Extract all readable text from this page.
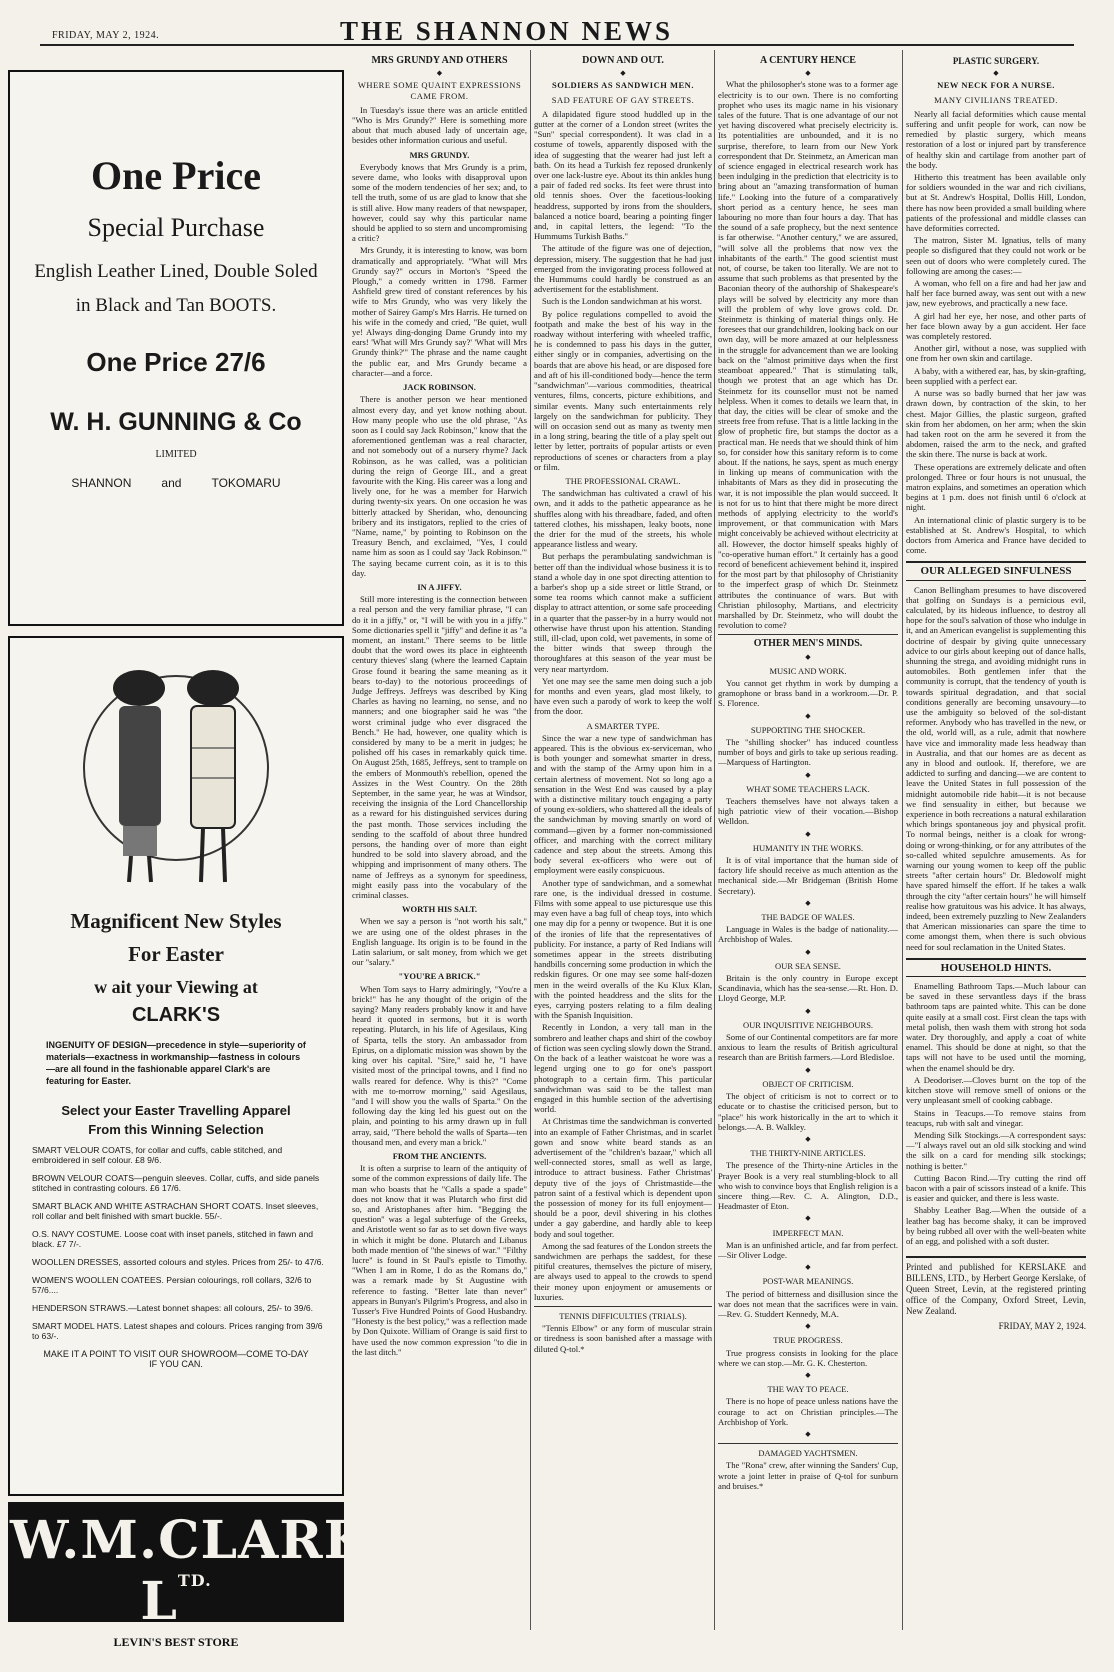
FRIDAY, MAY 2, 1924.	THE SHANNON NEWS
One Price
Special Purchase
English Leather Lined, Double Soled
in Black and Tan BOOTS.
One Price 27/6
W. H. GUNNING & Co
LIMITED
SHANNON	and	TOKOMARU
Magnificent New Styles
For Easter
w ait your Viewing at
CLARK'S
INGENUITY OF DESIGN—precedence in style—superiority of materials—exactness in workmanship—fastness in colours—are all found in the fashionable apparel Clark's are featuring for Easter.
Select your Easter Travelling Apparel
From this Winning Selection
SMART VELOUR COATS, for collar and cuffs, cable stitched, and embroidered in self colour. £8 9/6.
BROWN VELOUR COATS—penguin sleeves. Collar, cuffs, and side panels stitched in contrasting colours. £6 17/6.
SMART BLACK AND WHITE ASTRACHAN SHORT COATS. Inset sleeves, roll collar and belt finished with smart buckle. 55/-.
O.S. NAVY COSTUME. Loose coat with inset panels, stitched in fawn and black. £7 7/-.
WOOLLEN DRESSES, assorted colours and styles. Prices from 25/- to 47/6.
WOMEN'S WOOLLEN COATEES. Persian colourings, roll collars, 32/6 to 57/6....
HENDERSON STRAWS.—Latest bonnet shapes: all colours, 25/- to 39/6.
SMART MODEL HATS. Latest shapes and colours. Prices ranging from 39/6 to 63/-.
MAKE IT A POINT TO VISIT OUR SHOWROOM—COME TO-DAY IF YOU CAN.
W.M.CLARK $L^{TD.}$
LEVIN'S BEST STORE
ESTD 30 YEARS
MRS GRUNDY AND OTHERS
◆
WHERE SOME QUAINT EXPRESSIONS CAME FROM.

In Tuesday's issue there was an article entitled "Who is Mrs Grundy?" Here is something more about that much abused lady of uncertain age, besides other information curious and useful.

MRS GRUNDY.

Everybody knows that Mrs Grundy is a prim, severe dame, who looks with disapproval upon some of the modern tendencies of her sex; and, to tell the truth, some of us are glad to know that she is still alive. How many readers of that newspaper, however, could say why this particular name should be applied to so stern and uncompromising a critic?

Mrs Grundy, it is interesting to know, was born dramatically and appropriately. "What will Mrs Grundy say?" occurs in Morton's "Speed the Plough," a comedy written in 1798. Farmer Ashfield grew tired of constant references by his wife to Mrs Grundy, who was very likely the mother of Sairey Gamp's Mrs Harris. He turned on his wife in the comedy and cried, "Be quiet, wull ye! Always ding-donging Dame Grundy into my ears! 'What will Mrs Grundy say?' 'What will Mrs Grundy think?'" The phrase and the name caught the public ear, and Mrs Grundy became a character—and a force.

JACK ROBINSON.

There is another person we hear mentioned almost every day, and yet know nothing about. How many people who use the old phrase, "As soon as I could say Jack Robinson," know that the aforementioned gentleman was a real character, and not somebody out of a nursery rhyme? Jack Robinson, as he was called, was a politician during the reign of George III., and a great favourite with the King. His career was a long and lively one, for he was a member for Harwich during twenty-six years. On one occasion he was bitterly attacked by Sheridan, who, denouncing bribery and its instigators, replied to the cries of "Name, name," by pointing to Robinson on the Treasury Bench, and exclaimed, "Yes, I could name him as soon as I could say 'Jack Robinson.'" The saying became current coin, as it is to this day.

IN A JIFFY.

Still more interesting is the connection between a real person and the very familiar phrase, "I can do it in a jiffy," or, "I will be with you in a jiffy." Some dictionaries spell it "jiffy" and define it as "a moment, an instant." There seems to be little doubt that the word owes its place in eighteenth century thieves' slang (where the learned Captain Grose found it bearing the same meaning as it bears to-day) to the notorious proceedings of Judge Jeffreys. Jeffreys was described by King Charles as having no learning, no sense, and no manners; and one biographer said he was "the worst criminal judge who ever disgraced the Bench." He had, however, one quality which is considered by many to be a merit in judges; he polished off his cases in remarkably quick time. On August 25th, 1685, Jeffreys, sent to trample on the embers of Monmouth's rebellion, opened the Assizes in the West Country. On the 28th September, in the same year, he was at Windsor, receiving the insignia of the Lord Chancellorship as a reward for his distinguished services during the past month. Those services including the sending to the scaffold of about three hundred persons, the handing over of more than eight hundred to be sold into slavery abroad, and the whipping and imprisonment of many others. The name of Jeffreys as a synonym for speediness, might easily pass into the vocabulary of the criminal classes.

WORTH HIS SALT.

When we say a person is "not worth his salt," we are using one of the oldest phrases in the English language. Its origin is to be found in the Latin salarium, or salt money, from which we get our "salary."

"YOU'RE A BRICK."

When Tom says to Harry admiringly, "You're a brick!" has he any thought of the origin of the saying? Many readers probably know it and have heard it quoted in sermons, but it is worth repeating. Plutarch, in his life of Agesilaus, King of Sparta, tells the story. An ambassador from Epirus, on a diplomatic mission was shown by the king over his capital. "Sire," said he, "I have visited most of the principal towns, and I find no walls reared for defence. Why is this?" "Come with me to-morrow morning," said Agesilaus, "and I will show you the walls of Sparta." On the following day the king led his guest out on the plain, and pointing to his army drawn up in full array, said, "There behold the walls of Sparta—ten thousand men, and every man a brick."

FROM THE ANCIENTS.

It is often a surprise to learn of the antiquity of some of the common expressions of daily life. The man who boasts that he "Calls a spade a spade" does not know that it was Plutarch who first did so, and Aristophanes after him. "Begging the question" was a legal subterfuge of the Greeks, and Aristotle went so far as to set down five ways in which it might be done. Plutarch and Libanus both made mention of "the sinews of war." "Filthy lucre" is found in St Paul's epistle to Timothy. "When I am in Rome, I do as the Romans do," was a remark made by St Augustine with reference to fasting. "Better late than never" appears in Bunyan's Pilgrim's Progress, and also in Tusser's Five Hundred Points of Good Husbandry. "Honesty is the best policy," was a reflection made by Don Quixote. William of Orange is said first to have used the now common expression "to die in the last ditch."

DOWN AND OUT.
◆
SOLDIERS AS SANDWICH MEN.
SAD FEATURE OF GAY STREETS.

A dilapidated figure stood huddled up in the gutter at the corner of a London street (writes the "Sun" special correspondent). It was clad in a costume of towels, apparently disposed with the idea of suggesting that the wearer had just left a bath. On its head a Turkish fez reposed drunkenly over one lack-lustre eye. About its thin ankles hung a pair of faded red socks. Its feet were thrust into old tennis shoes. Over the facetious-looking headdress, supported by irons from the shoulders, balanced a notice board, bearing a pointing finger and, in capital letters, the legend: "To the Hummums Turkish Baths."

The attitude of the figure was one of dejection, depression, misery. The suggestion that he had just emerged from the invigorating process followed at the Hummums could hardly be construed as an advertisement for the establishment.

Such is the London sandwichman at his worst.

By police regulations compelled to avoid the footpath and make the best of his way in the roadway without interfering with wheeled traffic, he is condemned to pass his days in the gutter, either singly or in companies, advertising on the boards that are above his head, or are disposed fore and aft of his ill-conditioned body—hence the term "sandwichman"—various commodities, theatrical ventures, films, concerts, picture exhibitions, and similar events. Many such entertainments rely largely on the sandwichman for publicity. They will on occasion send out as many as twenty men in a long string, bearing the title of a play spelt out letter by letter, portraits of popular artists or even reproductions of scenes or characters from a play or film.

THE PROFESSIONAL CRAWL.

The sandwichman has cultivated a crawl of his own, and it adds to the pathetic appearance as he shuffles along with his threadbare, faded, and often tattered clothes, his misshapen, leaky boots, none the drier for the mud of the streets, his whole appearance listless and weary.

But perhaps the perambulating sandwichman is better off than the individual whose business it is to stand a whole day in one spot directing attention to a barber's shop up a side street or little Strand, or some tea rooms which cannot make a sufficient display to attract attention, or some safe proceeding in a quarter that the passer-by in a hurry would not otherwise have thrust upon his attention. Standing still, ill-clad, upon cold, wet pavements, in some of the bitter winds that sweep through the thoroughfares at this season of the year must be very near martyrdom.

Yet one may see the same men doing such a job for months and even years, glad most likely, to have even such a parody of work to keep the wolf from the door.

A SMARTER TYPE.

Since the war a new type of sandwichman has appeared. This is the obvious ex-serviceman, who is both younger and somewhat smarter in dress, and with the stamp of the Army upon him in a certain alertness of movement. Not so long ago a sensation in the West End was caused by a play with a distinctive military touch engaging a party of young ex-soldiers, who shattered all the ideals of the sandwichman by moving smartly on word of command—given by a former non-commissioned officer, and marching with the correct military cadence and step about the streets. Among this body several ex-officers who were out of employment were easily conspicuous.

Another type of sandwichman, and a somewhat rare one, is the individual dressed in costume. Films with some appeal to use picturesque use this may even have a bag full of cheap toys, into which one may dip for a penny or twopence. But it is one of the ironies of life that the representatives of publicity. For instance, a party of Red Indians will sometimes appear in the streets distributing handbills concerning some production in which the redskin figures. Or one may see some half-dozen men in the weird overalls of the Ku Klux Klan, with the pointed headdress and the slits for the eyes, carrying posters relating to a film dealing with the Spanish Inquisition.

Recently in London, a very tall man in the sombrero and leather chaps and shirt of the cowboy of fiction was seen cycling slowly down the Strand. On the back of a leather waistcoat he wore was a legend urging one to go for one's passport photograph to a certain firm. This particular sandwichman was said to be the tallest man engaged in this humble section of the advertising world.

At Christmas time the sandwichman is converted into an example of Father Christmas, and in scarlet gown and snow white beard stands as an advertisement of the "children's bazaar," which all well-connected stores, small as well as large, introduce to attract business. Father Christmas' deputy tive of the joys of Christmastide—the patron saint of a festival which is dependent upon the possession of money for its full enjoyment—should be a poor, devil shivering in his clothes under a gay gaberdine, and hardly able to keep body and soul together.

Among the sad features of the London streets the sandwichmen are perhaps the saddest, for these pitiful creatures, themselves the picture of misery, are always used to appeal to the crowds to spend their money upon enjoyment or amusements or luxuries.

TENNIS DIFFICULTIES (TRIALS).

"Tennis Elbow" or any form of muscular strain or tiredness is soon banished after a massage with diluted Q-tol.*

A CENTURY HENCE
◆

What the philosopher's stone was to a former age electricity is to our own. There is no comforting prophet who uses its magic name in his visionary tales of the future. That is one advantage of our not yet having discovered what precisely electricity is. Its potentialities are unbounded, and it is no surprise, therefore, to learn from our New York correspondent that Dr. Steinmetz, an American man of science engaged in electrical research work has been indulging in the prediction that electricity is to bring about an "amazing transformation of human life." Looking into the future of a comparatively short period as a century hence, he sees man labouring no more than four hours a day. That has the sound of a safe prophecy, but the next sentence is far otherwise. "Another century," we are assured, "will solve all the problems that now vex the inhabitants of the earth." The good scientist must not, of course, be taken too literally. We are not to assume that such problems as that presented by the Baconian theory of the authorship of Shakespeare's plays will be solved by electricity any more than will the problem of why love grows cold. Dr. Steinmetz is thinking of material things only. He foresees that our grandchildren, looking back on our own day, will be more amazed at our helplessness in the struggle for advancement than we are looking back on the "almost primitive days when the first steamboat appeared." That is stimulating talk, though we protest that an age which has Dr. Steinmetz for its counsellor must not be named helpless. When it comes to details we learn that, in that day, the cities will be clear of smoke and the streets free from refuse. That is a little lacking in the glow of prophetic fire, but stamps the doctor as a practical man. He needs that we should think of him so, for consider how this sanitary reform is to come about. If the nations, he says, spent as much energy in linking up means of communication with the inhabitants of Mars as they did in prosecuting the war, it is not impossible the plan would succeed. It is not for us to hint that there might be more direct methods of applying electricity to the world's improvement, or that communication with Mars might conceivably be achieved without electricity at all. However, the doctor himself speaks highly of "co-operative human effort." It certainly has a good record of beneficent achievement behind it, inspired for the most part by that philosophy of Christianity to the imperfect grasp of which Dr. Steinmetz attributes the continuance of wars. But with Christian philosophy, Martians, and electricity marshalled by Dr. Steinmetz, who will doubt the revolution to come?

OTHER MEN'S MINDS.
◆
MUSIC AND WORK.

You cannot get rhythm in work by dumping a gramophone or brass band in a workroom.—Dr. P. S. Florence.

◆
SUPPORTING THE SHOCKER.

The "shilling shocker" has induced countless number of boys and girls to take up serious reading.—Marquess of Hartington.

◆
WHAT SOME TEACHERS LACK.

Teachers themselves have not always taken a high patriotic view of their vocation.—Bishop Welldon.

◆
HUMANITY IN THE WORKS.

It is of vital importance that the human side of factory life should receive as much attention as the mechanical side.—Mr Bridgeman (British Home Secretary).

◆
THE BADGE OF WALES.

Language in Wales is the badge of nationality.—Archbishop of Wales.

◆
OUR SEA SENSE.

Britain is the only country in Europe except Scandinavia, which has the sea-sense.—Rt. Hon. D. Lloyd George, M.P.

◆
OUR INQUISITIVE NEIGHBOURS.

Some of our Continental competitors are far more anxious to learn the results of British agricultural research than are British farmers.—Lord Bledisloe.

◆
OBJECT OF CRITICISM.

The object of criticism is not to correct or to educate or to chastise the criticised person, but to "place" his work historically in the art to which it belongs.—A. B. Walkley.

◆
THE THIRTY-NINE ARTICLES.

The presence of the Thirty-nine Articles in the Prayer Book is a very real stumbling-block to all who wish to convince boys that English religion is a sincere thing.—Rev. C. A. Alington, D.D., Headmaster of Eton.

◆
IMPERFECT MAN.

Man is an unfinished article, and far from perfect.—Sir Oliver Lodge.

◆
POST-WAR MEANINGS.

The period of bitterness and disillusion since the war does not mean that the sacrifices were in vain.—Rev. G. Studdert Kennedy, M.A.

◆
TRUE PROGRESS.

True progress consists in looking for the place where we can stop.—Mr. G. K. Chesterton.

◆
THE WAY TO PEACE.

There is no hope of peace unless nations have the courage to act on Christian principles.—The Archbishop of York.

◆
DAMAGED YACHTSMEN.

The "Rona" crew, after winning the Sanders' Cup, wrote a joint letter in praise of Q-tol for sunburn and bruises.*

PLASTIC SURGERY.
◆
NEW NECK FOR A NURSE.
MANY CIVILIANS TREATED.

Nearly all facial deformities which cause mental suffering and unfit people for work, can now be remedied by plastic surgery, which means restoration of a lost or injured part by transference of healthy skin and cartilage from another part of the body.

Hitherto this treatment has been available only for soldiers wounded in the war and rich civilians, but at St. Andrew's Hospital, Dollis Hill, London, there has now been provided a small building where patients of the professional and middle classes can have deformities corrected.

The matron, Sister M. Ignatius, tells of many people so disfigured that they could not work or be seen out of doors who were completely cured. The following are among the cases:—

A woman, who fell on a fire and had her jaw and half her face burned away, was sent out with a new jaw, new eyebrows, and practically a new face.

A girl had her eye, her nose, and other parts of her face blown away by a gun accident. Her face was completely restored.

Another girl, without a nose, was supplied with one from her own skin and cartilage.

A baby, with a withered ear, has, by skin-grafting, been supplied with a perfect ear.

A nurse was so badly burned that her jaw was drawn down, by contraction of the skin, to her chest. Major Gillies, the plastic surgeon, grafted skin from her abdomen, on her arm; when the skin had taken root on the arm he severed it from the abdomen, raised the arm to the neck, and grafted the skin there. The nurse is back at work.

These operations are extremely delicate and often prolonged. Three or four hours is not unusual, the matron explains, and sometimes an operation which begins at 1 p.m. does not finish until 6 o'clock at night.

An international clinic of plastic surgery is to be established at St. Andrew's Hospital, to which doctors from America and France have decided to come.

OUR ALLEGED SINFULNESS

Canon Bellingham presumes to have discovered that golfing on Sundays is a pernicious evil, calculated, by its hideous influence, to destroy all hope for the soul's salvation of those who indulge in it, and an American evangelist is supplementing this doctrine of despair by giving quite unnecessary advice to our girls about keeping out of dance halls, shunning the strega, and avoiding midnight runs in automobiles. Both gentlemen infer that the community is corrupt, that the tendency of youth is towards spiritual degradation, and that social conditions generally are becoming unsavoury—to use the ambiguity so beloved of the sol-distant reformer. Anybody who has travelled in the new, or the old, world will, as a rule, admit that nowhere have vice and immorality made less headway than in Australia, and that our homes are as decent as any in blood and outlook. If, therefore, we are addicted to surfing and dancing—we are content to leave the United States in full possession of the midnight automobile ride habit—it is not because we find sensuality in either, but because we experience in both recreations a natural exhilaration which brings spontaneous joy and physical profit. To normal beings, neither is a cloak for wrong-doing or wrong-thinking, or for any attributes of the so-called whited sepulchre amusements. As for warning our young women to keep off the public streets "after certain hours" Dr. Bledowolf might have spared himself the effort. If he takes a walk through the city "after certain hours" he will himself realise how gratuitous was his advice. It has always, indeed, been extremely puzzling to New Zealanders that American missionaries can spare the time to come amongst them, when there is such obvious need for soul reclamation in the United States.

HOUSEHOLD HINTS.

Enamelling Bathroom Taps.—Much labour can be saved in these servantless days if the brass bathroom taps are painted white. This can be done quite easily at a small cost. First clean the taps with metal polish, then wash them with strong hot soda water. Dry thoroughly, and apply a coat of white enamel. This should be done at night, so that the taps will not have to be used until the morning, when the enamel should be dry.

A Deodoriser.—Cloves burnt on the top of the kitchen stove will remove smell of onions or the very unpleasant smell of cooking cabbage.

Stains in Teacups.—To remove stains from teacups, rub with salt and vinegar.

Mending Silk Stockings.—A correspondent says:—"I always ravel out an old silk stocking and wind the silk on a card for mending silk stockings; nothing is better."

Cutting Bacon Rind.—Try cutting the rind off bacon with a pair of scissors instead of a knife. This is easier and quicker, and there is less waste.

Shabby Leather Bag.—When the outside of a leather bag has become shaky, it can be improved by being rubbed all over with the well-beaten white of an egg, and polished with a soft duster.

Printed and published for KERSLAKE and BILLENS, LTD., by Herbert George Kerslake, of Queen Street, Levin, at the registered printing office of the Company, Oxford Street, Levin, New Zealand.
FRIDAY, MAY 2, 1924.
